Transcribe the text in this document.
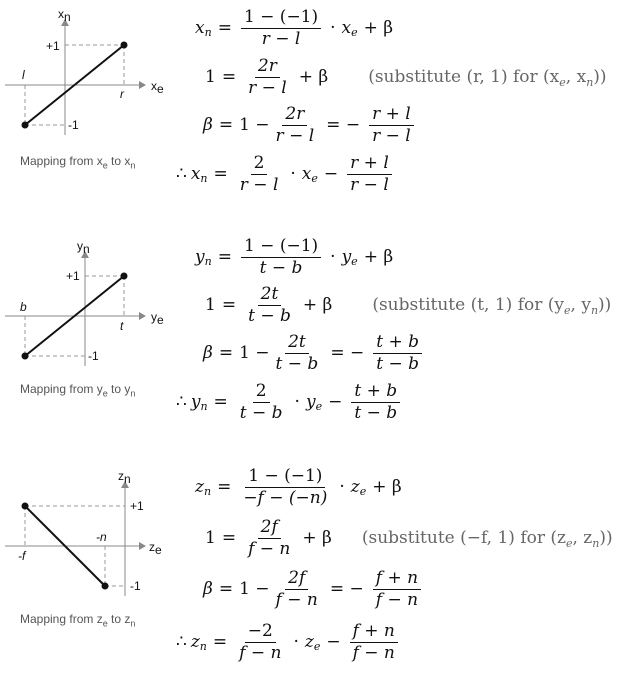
xn
xe
+1
-1
l
r
Mapping from $x_e$ to $x_n$
x $n = \frac{1 - (-1)}{r - l} \cdot x$ e + β
$1 = \frac{2r}{r - l} + \beta$ (substitute (r, 1) for ($x_e$, $x_n$))
$\beta = 1 - \frac{2r}{r - l}$ = − $\frac{r + l}{r - l}$
∴ x $n = \frac{2}{r - l} \cdot x$ $e - \frac{r + l}{r - l}$
yn
ye
+1
-1
b
t
Mapping from $y_e$ to $y_n$
y $n = \frac{1 - (-1)}{t - b} \cdot y$ e + β
$1 = \frac{2t}{t - b} + \beta$ (substitute (t, 1) for ($y_e$, $y_n$))
$\beta = 1 - \frac{2t}{t - b}$ = − $\frac{t + b}{t - b}$
∴ y $n = \frac{2}{t - b} \cdot y$ $e - \frac{t + b}{t - b}$
zn
ze
+1
-1
-f
-n
Mapping from $z_e$ to $z_n$
z $n = \frac{1 - (-1)}{-f - (-n)} \cdot z$ e + β
$1 = \frac{2f}{f - n} + \beta$ (substitute (−f, 1) for ($z_e$, $z_n$))
$\beta = 1 - \frac{2f}{f - n}$ = − $\frac{f + n}{f - n}$
∴ z $n = \frac{-2}{f - n} \cdot z$ $e - \frac{f + n}{f - n}$
